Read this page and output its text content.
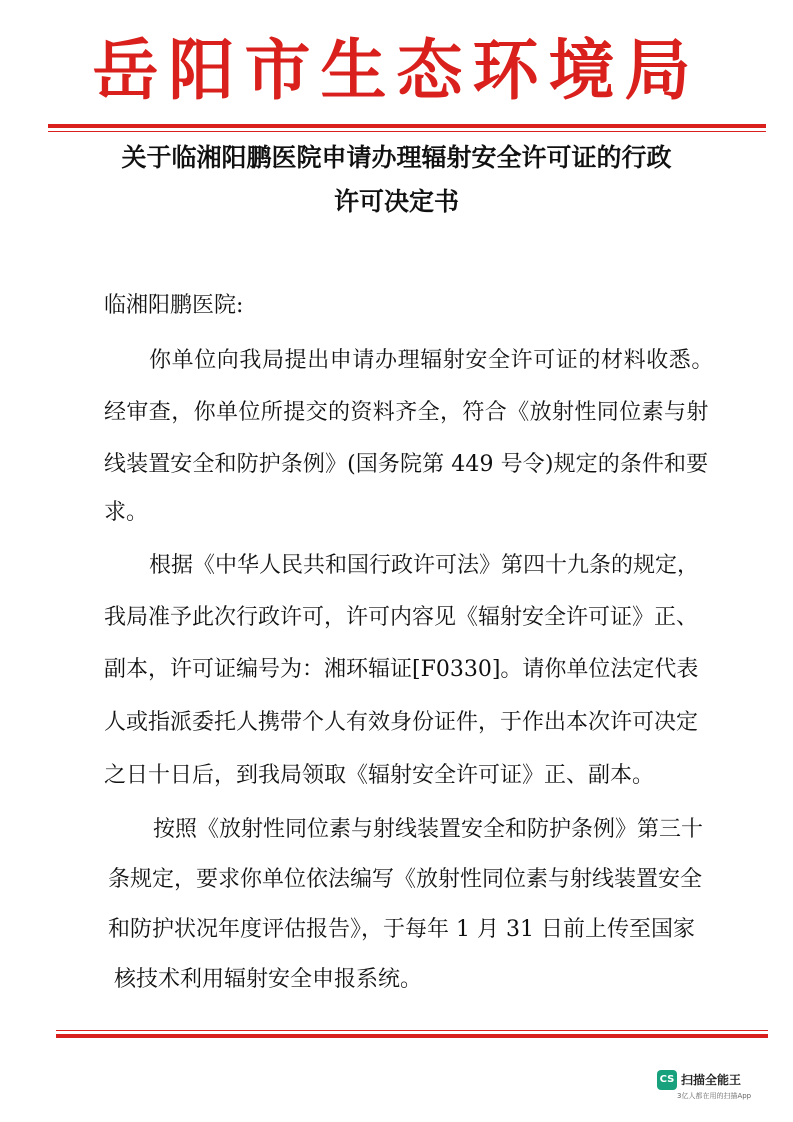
岳阳市生态环境局
关于临湘阳鹏医院申请办理辐射安全许可证的行政
许可决定书
临湘阳鹏医院:
你单位向我局提出申请办理辐射安全许可证的材料收悉。
经审查，你单位所提交的资料齐全，符合《放射性同位素与射
线装置安全和防护条例》(国务院第 449 号令)规定的条件和要
求。
根据《中华人民共和国行政许可法》第四十九条的规定，
我局准予此次行政许可，许可内容见《辐射安全许可证》正、
副本，许可证编号为：湘环辐证[F0330]。请你单位法定代表
人或指派委托人携带个人有效身份证件，于作出本次许可决定
之日十日后，到我局领取《辐射安全许可证》正、副本。
按照《放射性同位素与射线装置安全和防护条例》第三十
条规定，要求你单位依法编写《放射性同位素与射线装置安全
和防护状况年度评估报告》，于每年 1 月 31 日前上传至国家
核技术利用辐射安全申报系统。
CS 扫描全能王
3亿人都在用的扫描App
